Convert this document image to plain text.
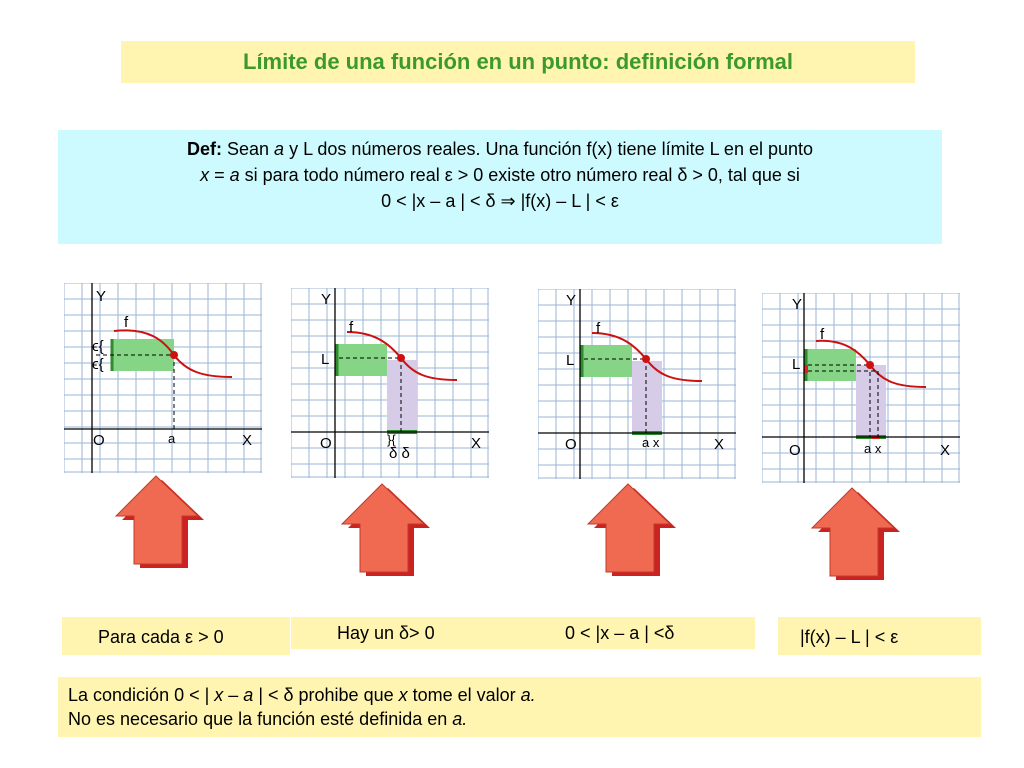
Límite de una función en un punto: definición formal
Def: Sean a y L dos números reales. Una función f(x) tiene límite L en el punto
x = a si para todo número real ε > 0 existe otro número real δ > 0, tal que si
0 < |x – a | < δ ⇒ |f(x) – L | < ε
Y
f
ϵ{
ϵ{
O	a	X
Y
f
L
}{
δ δ
O	X
Y
f
L
a x
O	X
Y
f
L
a x
O	X
Para cada ε > 0	Hay un δ> 0	0 < |x – a | <δ	|f(x) – L | < ε
La condición 0 < | x – a | < δ prohibe que x tome el valor a.
No es necesario que la función esté definida en a.
